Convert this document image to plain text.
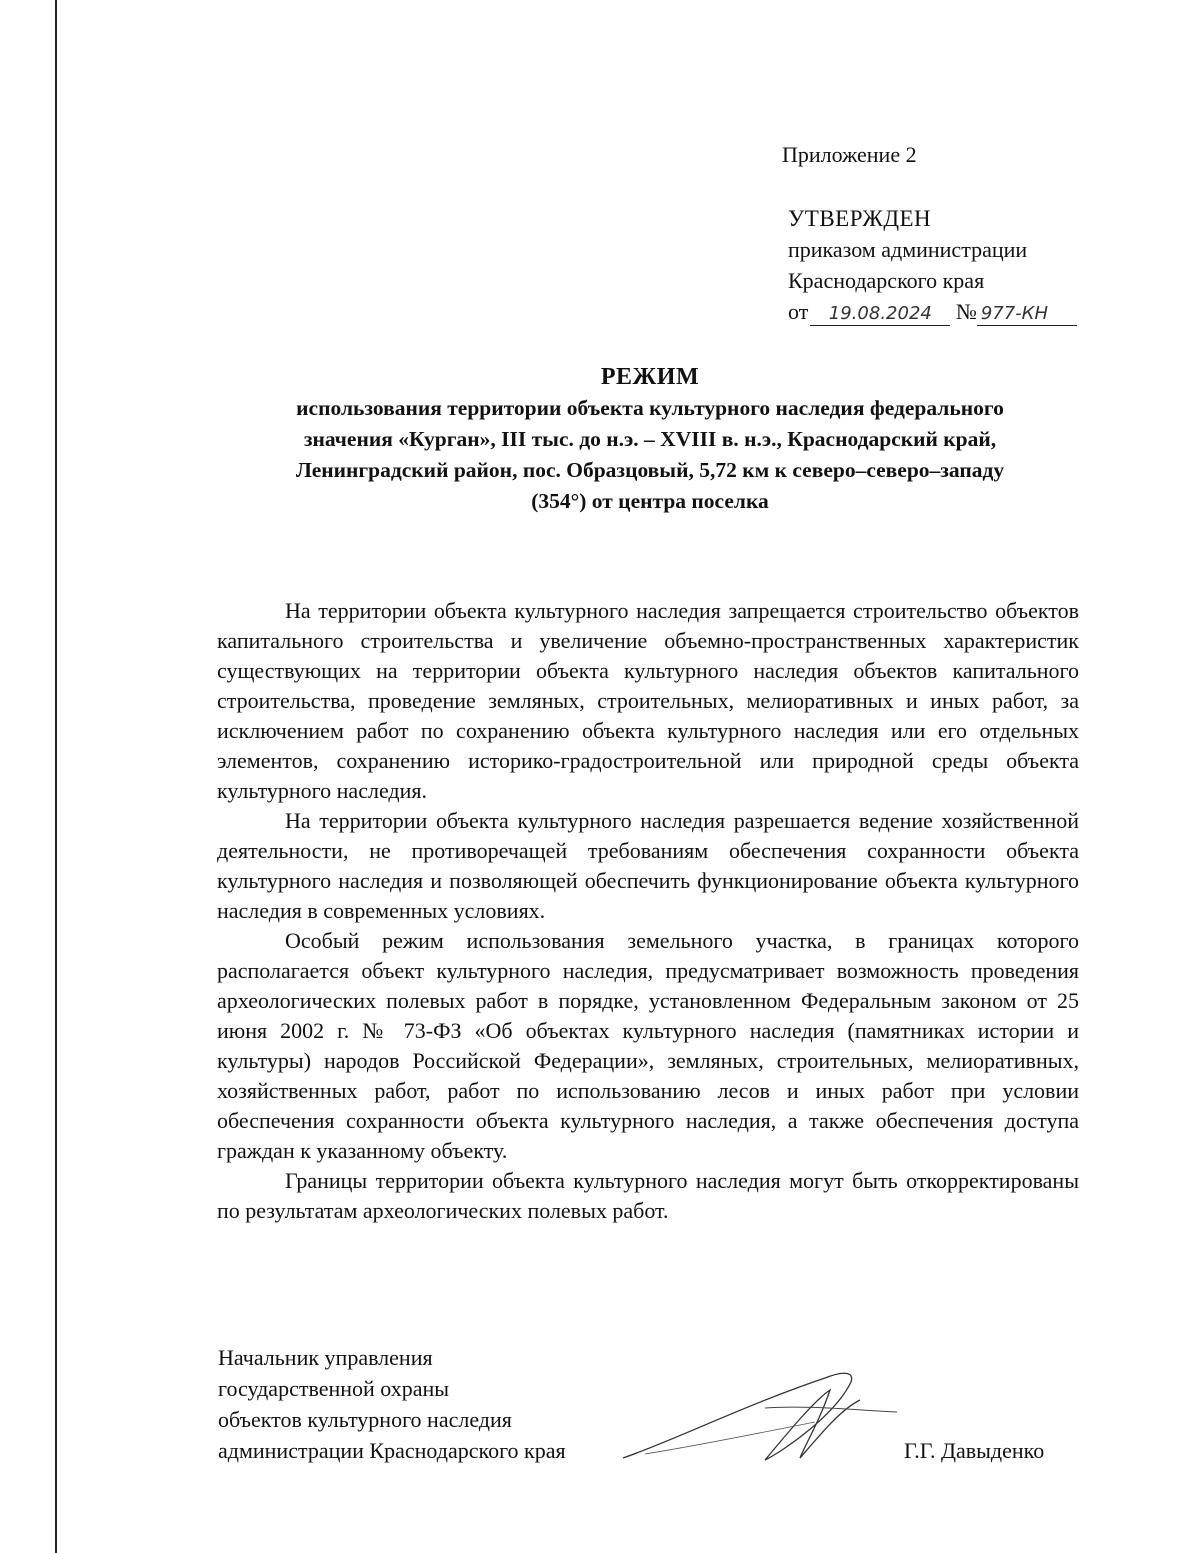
Приложение 2
УТВЕРЖДЕН
приказом администрации
Краснодарского края
от 19.08.2024 № 977-КН
РЕЖИМ
использования территории объекта культурного наследия федерального
значения «Курган», III тыс. до н.э. – XVIII в. н.э., Краснодарский край,
Ленинградский район, пос. Образцовый, 5,72 км к северо–северо–западу
(354°) от центра поселка

На территории объекта культурного наследия запрещается строительство объектов капитального строительства и увеличение объемно-пространственных характеристик существующих на территории объекта культурного наследия объектов капитального строительства, проведение земляных, строительных, мелиоративных и иных работ, за исключением работ по сохранению объекта культурного наследия или его отдельных элементов, сохранению историко-градостроительной или природной среды объекта культурного наследия.

На территории объекта культурного наследия разрешается ведение хозяйственной деятельности, не противоречащей требованиям обеспечения сохранности объекта культурного наследия и позволяющей обеспечить функционирование объекта культурного наследия в современных условиях.

Особый режим использования земельного участка, в границах которого располагается объект культурного наследия, предусматривает возможность проведения археологических полевых работ в порядке, установленном Федеральным законом от 25 июня 2002 г. № 73-ФЗ «Об объектах культурного наследия (памятниках истории и культуры) народов Российской Федерации», земляных, строительных, мелиоративных, хозяйственных работ, работ по использованию лесов и иных работ при условии обеспечения сохранности объекта культурного наследия, а также обеспечения доступа граждан к указанному объекту.

Границы территории объекта культурного наследия могут быть откорректированы по результатам археологических полевых работ.

Начальник управления
государственной охраны
объектов культурного наследия
администрации Краснодарского края	Г.Г. Давыденко
